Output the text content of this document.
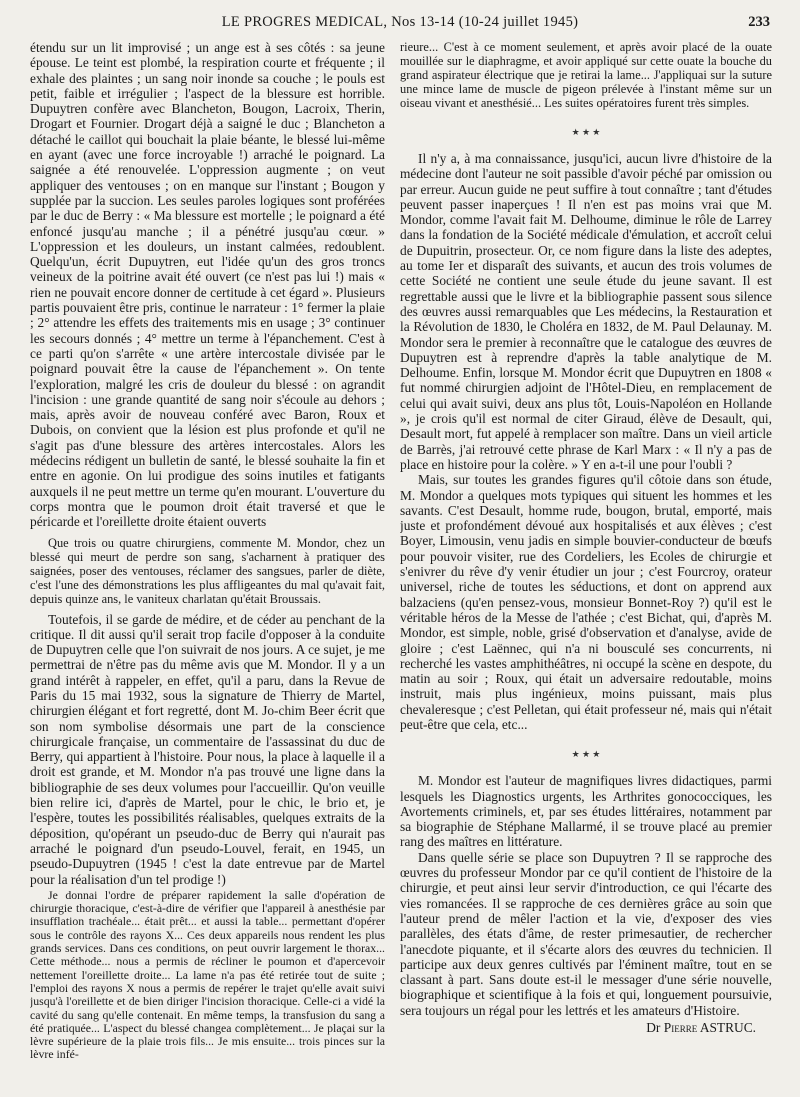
LE PROGRES MEDICAL, Nos 13-14 (10-24 juillet 1945)	233

étendu sur un lit improvisé ; un ange est à ses côtés : sa jeune épouse. Le teint est plombé, la respiration courte et fréquente ; il exhale des plaintes ; un sang noir inonde sa couche ; le pouls est petit, faible et irrégulier ; l'aspect de la blessure est horrible. Dupuytren confère avec Blancheton, Bougon, Lacroix, Therin, Drogart et Fournier. Drogart déjà a saigné le duc ; Blancheton a détaché le caillot qui bouchait la plaie béante, le blessé lui-même en ayant (avec une force incroyable !) arraché le poignard. La saignée a été renouvelée. L'oppression augmente ; on veut appliquer des ventouses ; on en manque sur l'instant ; Bougon y supplée par la succion. Les seules paroles logiques sont proférées par le duc de Berry : « Ma blessure est mortelle ; le poignard a été enfoncé jusqu'au manche ; il a pénétré jusqu'au cœur. » L'oppression et les douleurs, un instant calmées, redoublent. Quelqu'un, écrit Dupuytren, eut l'idée qu'un des gros troncs veineux de la poitrine avait été ouvert (ce n'est pas lui !) mais « rien ne pouvait encore donner de certitude à cet égard ». Plusieurs partis pouvaient être pris, continue le narrateur : 1° fermer la plaie ; 2° attendre les effets des traitements mis en usage ; 3° continuer les secours donnés ; 4° mettre un terme à l'épanchement. C'est à ce parti qu'on s'arrête « une artère intercostale divisée par le poignard pouvait être la cause de l'épanchement ». On tente l'exploration, malgré les cris de douleur du blessé : on agrandit l'incision : une grande quantité de sang noir s'écoule au dehors ; mais, après avoir de nouveau conféré avec Baron, Roux et Dubois, on convient que la lésion est plus profonde et qu'il ne s'agit pas d'une blessure des artères intercostales. Alors les médecins rédigent un bulletin de santé, le blessé souhaite la fin et entre en agonie. On lui prodigue des soins inutiles et fatigants auxquels il ne peut mettre un terme qu'en mourant. L'ouverture du corps montra que le poumon droit était traversé et que le péricarde et l'oreillette droite étaient ouverts

Que trois ou quatre chirurgiens, commente M. Mondor, chez un blessé qui meurt de perdre son sang, s'acharnent à pratiquer des saignées, poser des ventouses, réclamer des sangsues, parler de diète, c'est l'une des démonstrations les plus affligeantes du mal qu'avait fait, depuis quinze ans, le vaniteux charlatan qu'était Broussais.

Toutefois, il se garde de médire, et de céder au penchant de la critique. Il dit aussi qu'il serait trop facile d'opposer à la conduite de Dupuytren celle que l'on suivrait de nos jours. A ce sujet, je me permettrai de n'être pas du même avis que M. Mondor. Il y a un grand intérêt à rappeler, en effet, qu'il a paru, dans la Revue de Paris du 15 mai 1932, sous la signature de Thierry de Martel, chirurgien élégant et fort regretté, dont M. Jo-chim Beer écrit que son nom symbolise désormais une part de la conscience chirurgicale française, un commentaire de l'assassinat du duc de Berry, qui appartient à l'histoire. Pour nous, la place à laquelle il a droit est grande, et M. Mondor n'a pas trouvé une ligne dans la bibliographie de ses deux volumes pour l'accueillir. Qu'on veuille bien relire ici, d'après de Martel, pour le chic, le brio et, je l'espère, toutes les possibilités réalisables, quelques extraits de la déposition, qu'opérant un pseudo-duc de Berry qui n'aurait pas arraché le poignard d'un pseudo-Louvel, ferait, en 1945, un pseudo-Dupuytren (1945 ! c'est la date entrevue par de Martel pour la réalisation d'un tel prodige !)

Je donnai l'ordre de préparer rapidement la salle d'opération de chirurgie thoracique, c'est-à-dire de vérifier que l'appareil à anesthésie par insufflation trachéale... était prêt... et aussi la table... permettant d'opérer sous le contrôle des rayons X... Ces deux appareils nous rendent les plus grands services. Dans ces conditions, on peut ouvrir largement le thorax... Cette méthode... nous a permis de récliner le poumon et d'apercevoir nettement l'oreillette droite... La lame n'a pas été retirée tout de suite ; l'emploi des rayons X nous a permis de repérer le trajet qu'elle avait suivi jusqu'à l'oreillette et de bien diriger l'incision thoracique. Celle-ci a vidé la cavité du sang qu'elle contenait. En même temps, la transfusion du sang a été pratiquée... L'aspect du blessé changea complètement... Je plaçai sur la lèvre supérieure de la plaie trois fils... Je mis ensuite... trois pinces sur la lèvre infé-

rieure... C'est à ce moment seulement, et après avoir placé de la ouate mouillée sur le diaphragme, et avoir appliqué sur cette ouate la bouche du grand aspirateur électrique que je retirai la lame... J'appliquai sur la suture une mince lame de muscle de pigeon prélevée à l'instant même sur un oiseau vivant et anesthésié... Les suites opératoires furent très simples.

★ ★ ★

Il n'y a, à ma connaissance, jusqu'ici, aucun livre d'histoire de la médecine dont l'auteur ne soit passible d'avoir péché par omission ou par erreur. Aucun guide ne peut suffire à tout connaître ; tant d'études peuvent passer inaperçues ! Il n'en est pas moins vrai que M. Mondor, comme l'avait fait M. Delhoume, diminue le rôle de Larrey dans la fondation de la Société médicale d'émulation, et accroît celui de Dupuitrin, prosecteur. Or, ce nom figure dans la liste des adeptes, au tome Ier et disparaît des suivants, et aucun des trois volumes de cette Société ne contient une seule étude du jeune savant. Il est regrettable aussi que le livre et la bibliographie passent sous silence des œuvres aussi remarquables que Les médecins, la Restauration et la Révolution de 1830, le Choléra en 1832, de M. Paul Delaunay. M. Mondor sera le premier à reconnaître que le catalogue des œuvres de Dupuytren est à reprendre d'après la table analytique de M. Delhoume. Enfin, lorsque M. Mondor écrit que Dupuytren en 1808 « fut nommé chirurgien adjoint de l'Hôtel-Dieu, en remplacement de celui qui avait suivi, deux ans plus tôt, Louis-Napoléon en Hollande », je crois qu'il est normal de citer Giraud, élève de Desault, qui, Desault mort, fut appelé à remplacer son maître. Dans un vieil article de Barrès, j'ai retrouvé cette phrase de Karl Marx : « Il n'y a pas de place en histoire pour la colère. » Y en a-t-il une pour l'oubli ?

Mais, sur toutes les grandes figures qu'il côtoie dans son étude, M. Mondor a quelques mots typiques qui situent les hommes et les savants. C'est Desault, homme rude, bougon, brutal, emporté, mais juste et profondément dévoué aux hospitalisés et aux élèves ; c'est Boyer, Limousin, venu jadis en simple bouvier-conducteur de bœufs pour pouvoir visiter, rue des Cordeliers, les Ecoles de chirurgie et s'enivrer du rêve d'y venir étudier un jour ; c'est Fourcroy, orateur universel, riche de toutes les séductions, et dont on apprend aux balzaciens (qu'en pensez-vous, monsieur Bonnet-Roy ?) qu'il est le véritable héros de la Messe de l'athée ; c'est Bichat, qui, d'après M. Mondor, est simple, noble, grisé d'observation et d'analyse, avide de gloire ; c'est Laënnec, qui n'a ni bousculé ses concurrents, ni recherché les vastes amphithéâtres, ni occupé la scène en despote, du matin au soir ; Roux, qui était un adversaire redoutable, moins instruit, mais plus ingénieux, moins puissant, mais plus chevaleresque ; c'est Pelletan, qui était professeur né, mais qui n'était peut-être que cela, etc...

★ ★ ★

M. Mondor est l'auteur de magnifiques livres didactiques, parmi lesquels les Diagnostics urgents, les Arthrites gonococciques, les Avortements criminels, et, par ses études littéraires, notamment par sa biographie de Stéphane Mallarmé, il se trouve placé au premier rang des maîtres en littérature.

Dans quelle série se place son Dupuytren ? Il se rapproche des œuvres du professeur Mondor par ce qu'il contient de l'histoire de la chirurgie, et peut ainsi leur servir d'introduction, ce qui l'écarte des vies romancées. Il se rapproche de ces dernières grâce au soin que l'auteur prend de mêler l'action et la vie, d'exposer des vies parallèles, des états d'âme, de rester primesautier, de rechercher l'anecdote piquante, et il s'écarte alors des œuvres du technicien. Il participe aux deux genres cultivés par l'éminent maître, tout en se classant à part. Sans doute est-il le messager d'une série nouvelle, biographique et scientifique à la fois et qui, longuement poursuivie, sera toujours un régal pour les lettrés et les amateurs d'Histoire.

Dr Pierre ASTRUC.
